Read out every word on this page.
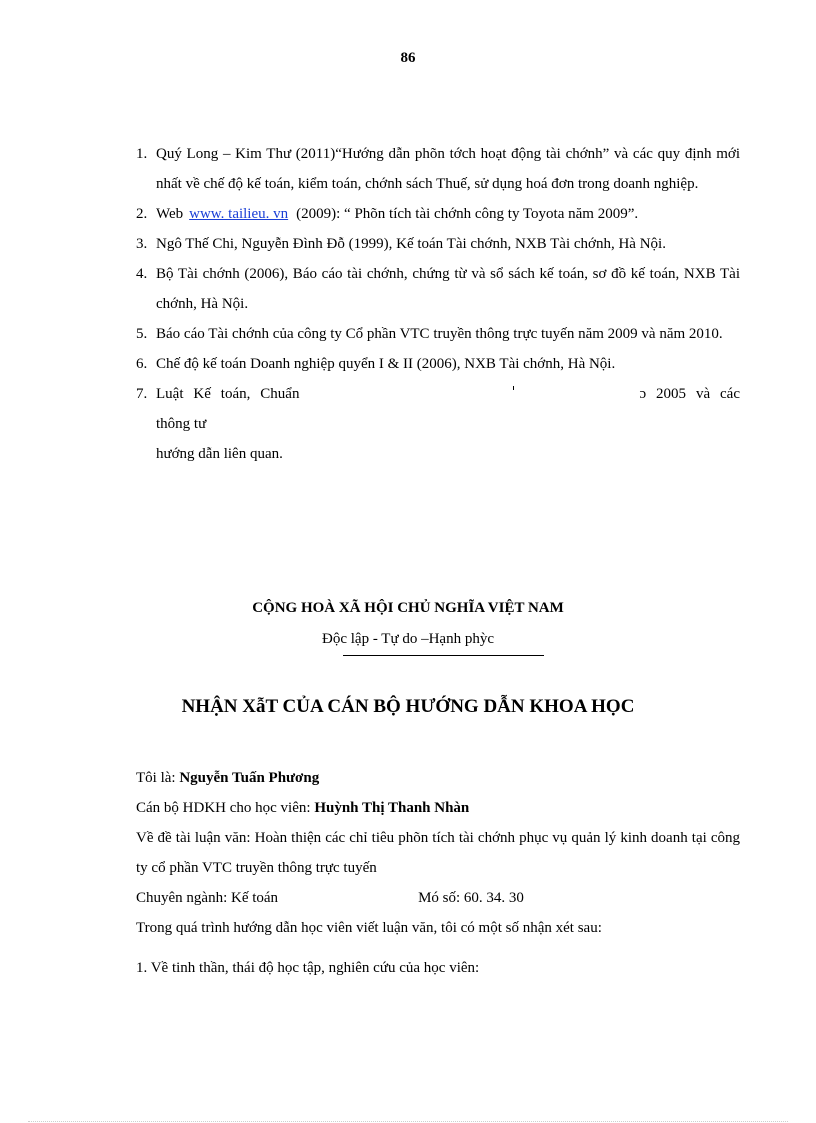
86
1. Quý Long – Kim Thư (2011)“Hướng dẫn phõn tớch hoạt động tài chớnh” và các quy định mới nhất về chế độ kế toán, kiểm toán, chớnh sách Thuế, sử dụng hoá đơn trong doanh nghiệp.
2. Web www. tailieu. vn (2009): “ Phõn tích tài chớnh công ty Toyota năm 2009”.
3. Ngô Thế Chi, Nguyễn Đình Đỗ (1999), Kế toán Tài chớnh, NXB Tài chớnh, Hà Nội.
4. Bộ Tài chớnh (2006), Báo cáo tài chớnh, chứng từ và sổ sách kế toán, sơ đồ kế toán, NXB Tài chớnh, Hà Nội.
5. Báo cáo Tài chớnh của công ty Cổ phần VTC truyền thông trực tuyến năm 2009 và năm 2010.
6. Chế độ kế toán Doanh nghiệp quyển I & II (2006), NXB Tài chớnh, Hà Nội.
7. Luật Kế toán, Chuẩn	ɔ 2005 và các thông tư
hướng dẫn liên quan.
CỘNG HOÀ XÃ HỘI CHỦ NGHĨA VIỆT NAM
Độc lập - Tự do –Hạnh phỳc
NHẬN XẫT CỦA CÁN BỘ HƯỚNG DẪN KHOA HỌC

Tôi là: Nguyễn Tuấn Phương

Cán bộ HDKH cho học viên: Huỳnh Thị Thanh Nhàn

Về đề tài luận văn: Hoàn thiện các chỉ tiêu phõn tích tài chớnh phục vụ quản lý kinh doanh tại công ty cổ phần VTC truyền thông trực tuyến

Chuyên ngành: Kế toán	Mó số: 60. 34. 30

Trong quá trình hướng dẫn học viên viết luận văn, tôi có một số nhận xét sau:

1. Về tinh thần, thái độ học tập, nghiên cứu của học viên:
